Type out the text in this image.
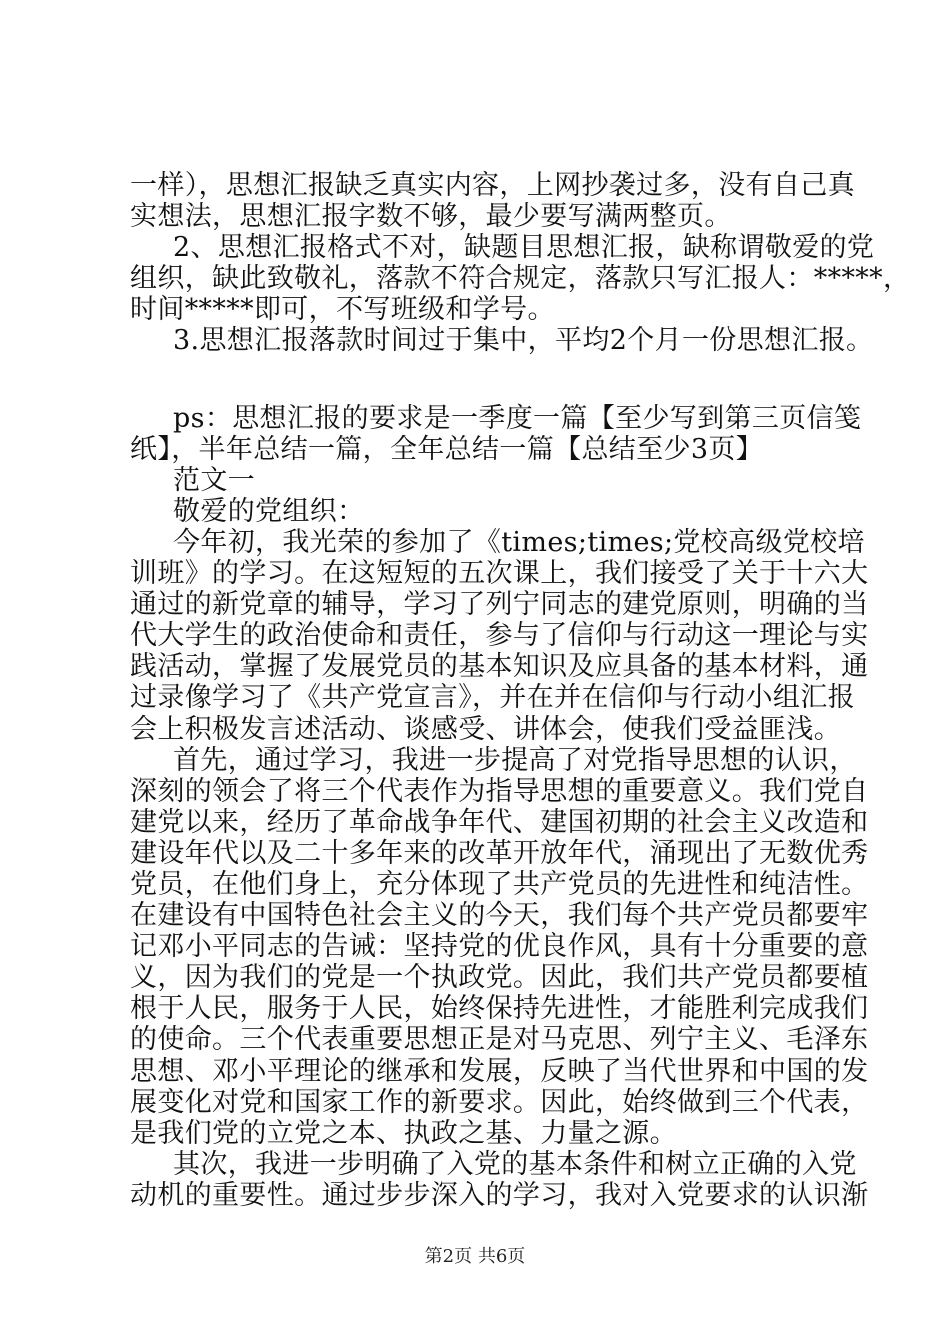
一样），思想汇报缺乏真实内容，上网抄袭过多，没有自己真

实想法，思想汇报字数不够，最少要写满两整页。

2、思想汇报格式不对，缺题目思想汇报，缺称谓敬爱的党

组织，缺此致敬礼，落款不符合规定，落款只写汇报人：*****，

时间*****即可，不写班级和学号。

3.思想汇报落款时间过于集中，平均2个月一份思想汇报。

ps：思想汇报的要求是一季度一篇【至少写到第三页信笺

纸】，半年总结一篇，全年总结一篇【总结至少3页】

范文一

敬爱的党组织：

今年初，我光荣的参加了《times;times;党校高级党校培

训班》的学习。在这短短的五次课上，我们接受了关于十六大

通过的新党章的辅导，学习了列宁同志的建党原则，明确的当

代大学生的政治使命和责任，参与了信仰与行动这一理论与实

践活动，掌握了发展党员的基本知识及应具备的基本材料，通

过录像学习了《共产党宣言》，并在并在信仰与行动小组汇报

会上积极发言述活动、谈感受、讲体会，使我们受益匪浅。

首先，通过学习，我进一步提高了对党指导思想的认识，

深刻的领会了将三个代表作为指导思想的重要意义。我们党自

建党以来，经历了革命战争年代、建国初期的社会主义改造和

建设年代以及二十多年来的改革开放年代，涌现出了无数优秀

党员，在他们身上，充分体现了共产党员的先进性和纯洁性。

在建设有中国特色社会主义的今天，我们每个共产党员都要牢

记邓小平同志的告诫：坚持党的优良作风，具有十分重要的意

义，因为我们的党是一个执政党。因此，我们共产党员都要植

根于人民，服务于人民，始终保持先进性，才能胜利完成我们

的使命。三个代表重要思想正是对马克思、列宁主义、毛泽东

思想、邓小平理论的继承和发展，反映了当代世界和中国的发

展变化对党和国家工作的新要求。因此，始终做到三个代表，

是我们党的立党之本、执政之基、力量之源。

其次，我进一步明确了入党的基本条件和树立正确的入党

动机的重要性。通过步步深入的学习，我对入党要求的认识渐

第2页 共6页
